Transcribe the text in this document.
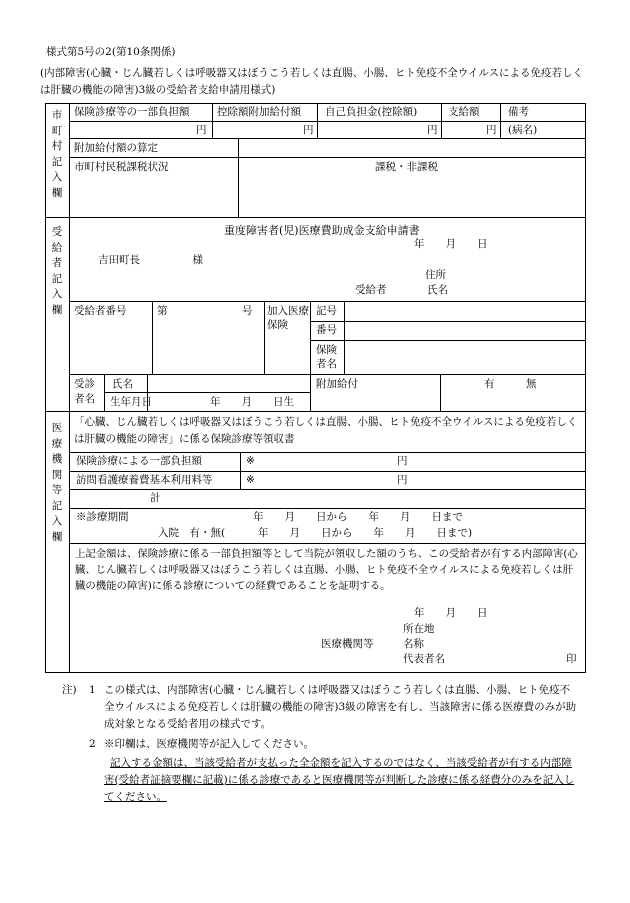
様式第5号の2(第10条関係)
(内部障害(心臓・じん臓若しくは呼吸器又はぼうこう若しくは直腸、小腸、ヒト免疫不全ウイルスによる免疫若しくは肝臓の機能の障害)3級の受給者支給申請用様式)
市町村記入欄
受給者記入欄
医療機関等記入欄
保険診療等の一部負担額	控除額附加給付額 自己負担金(控除額)	支給額	備考
円	円	円	円 (病名)
附加給付額の算定
市町村民税課税状況	課税・非課税
重度障害者(児)医療費助成金支給申請書
年　　月　　日
吉田町長　　　　　様
住所
受給者	氏名
受給者番号	第	号 加入医療保険
記号
番号
保険者名
受診者名
氏名
生年月日	年　　月　　日生
附加給付	有　　　無
「心臓、じん臓若しくは呼吸器又はぼうこう若しくは直腸、小腸、ヒト免疫不全ウイルスによる免疫若しくは肝臓の機能の障害」に係る保険診療等領収書
保険診療による一部負担額	※	円
訪問看護療養費基本利用料等	※	円
計
※診療期間	年　　月　　日から　　年　　月　　日まで
入院　有・無(	年　　月　　日から　　年　　月　　日まで)
上記金額は、保険診療に係る一部負担額等として当院が領収した額のうち、この受給者が有する内部障害(心臓、じん臓若しくは呼吸器又はぼうこう若しくは直腸、小腸、ヒト免疫不全ウイルスによる免疫若しくは肝臓の機能の障害)に係る診療についての経費であることを証明する。
年　　月　　日
所在地
医療機関等	名称
代表者名	印
注) 1 この様式は、内部障害(心臓・じん臓若しくは呼吸器又はぼうこう若しくは直腸、小腸、ヒト免疫不全ウイルスによる免疫若しくは肝臓の機能の障害)3級の障害を有し、当該障害に係る医療費のみが助成対象となる受給者用の様式です。
2 ※印欄は、医療機関等が記入してください。
記入する金額は、当該受給者が支払った全金額を記入するのではなく、当該受給者が有する内部障害(受給者証摘要欄に記載)に係る診療であると医療機関等が判断した診療に係る経費分のみを記入してください。
